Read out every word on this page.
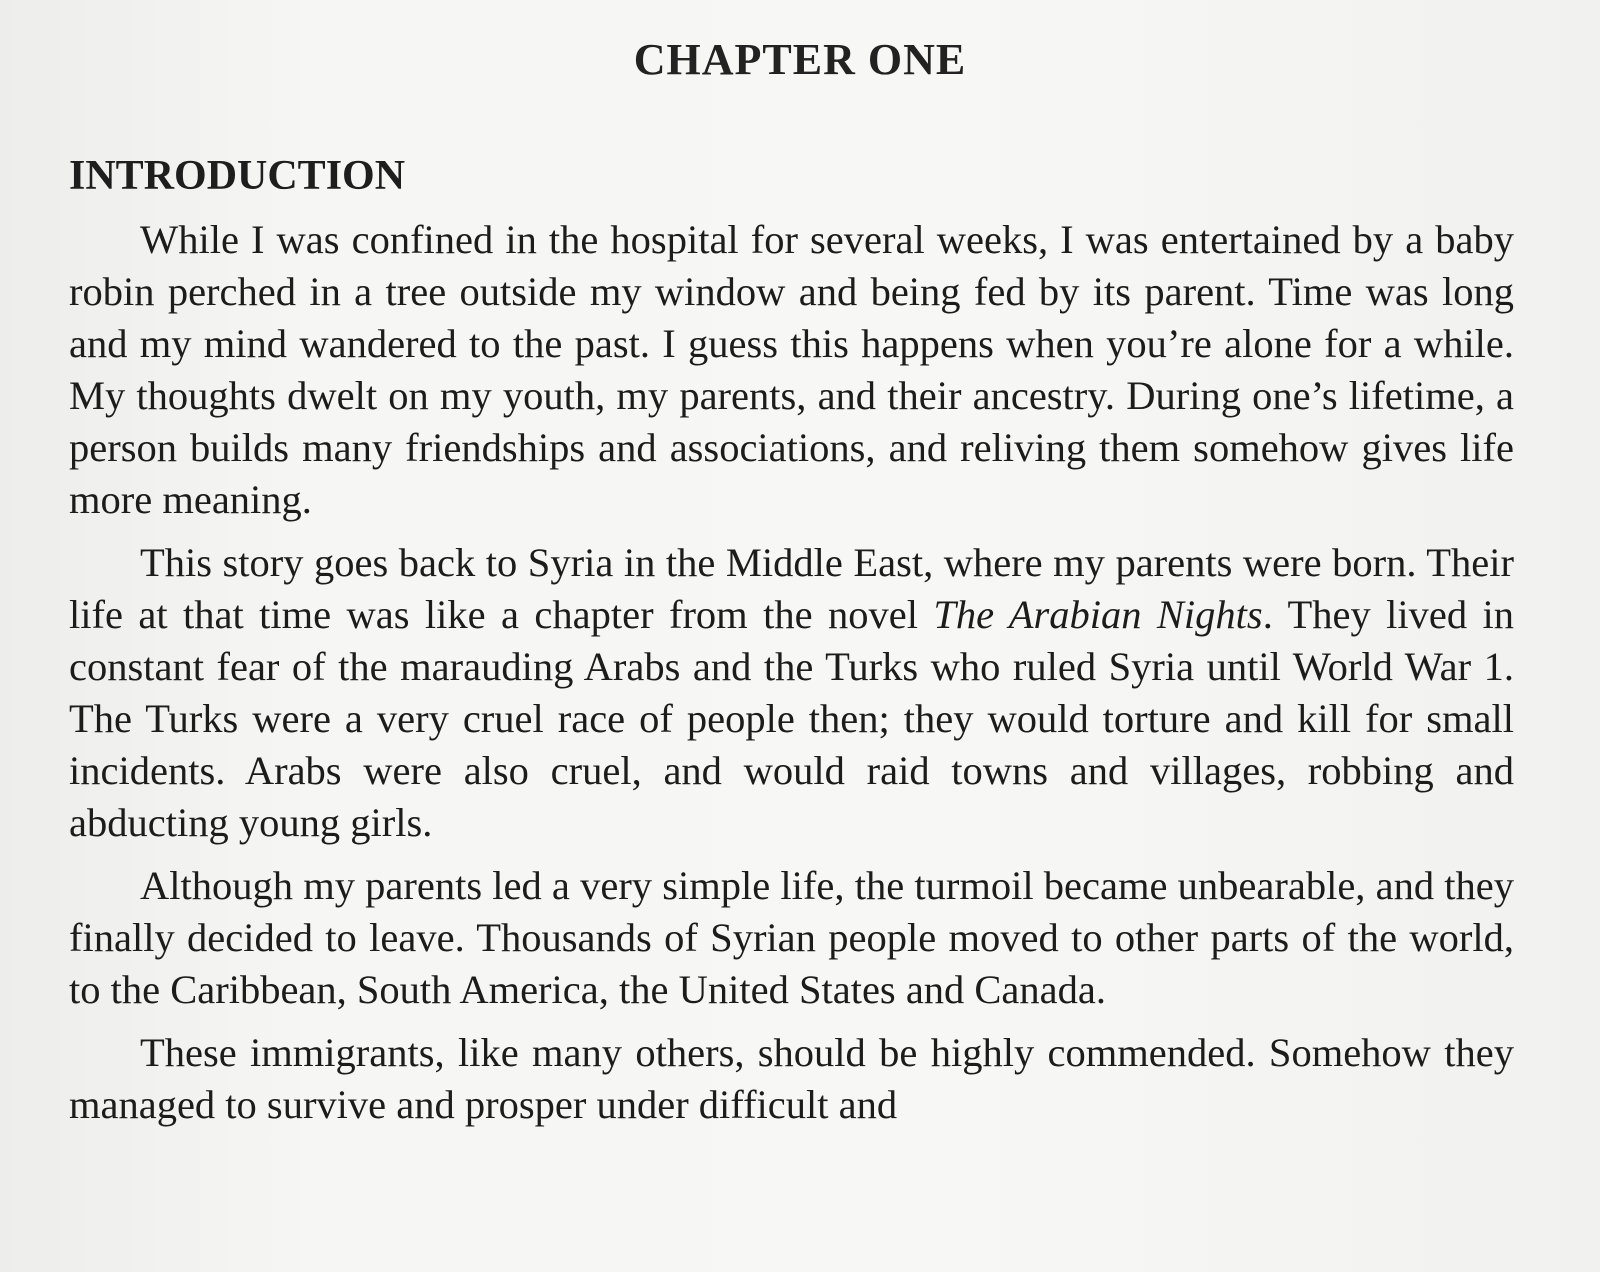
CHAPTER ONE
INTRODUCTION

While I was confined in the hospital for several weeks, I was entertained by a baby robin perched in a tree outside my window and being fed by its parent. Time was long and my mind wandered to the past. I guess this happens when you’re alone for a while. My thoughts dwelt on my youth, my parents, and their ancestry. During one’s lifetime, a person builds many friendships and associations, and reliving them somehow gives life more meaning.

This story goes back to Syria in the Middle East, where my parents were born. Their life at that time was like a chapter from the novel The Arabian Nights. They lived in constant fear of the marauding Arabs and the Turks who ruled Syria until World War 1. The Turks were a very cruel race of people then; they would torture and kill for small incidents. Arabs were also cruel, and would raid towns and villages, robbing and abducting young girls.

Although my parents led a very simple life, the turmoil became unbearable, and they finally decided to leave. Thousands of Syrian people moved to other parts of the world, to the Caribbean, South America, the United States and Canada.

These immigrants, like many others, should be highly commended. Somehow they managed to survive and prosper under difficult and
